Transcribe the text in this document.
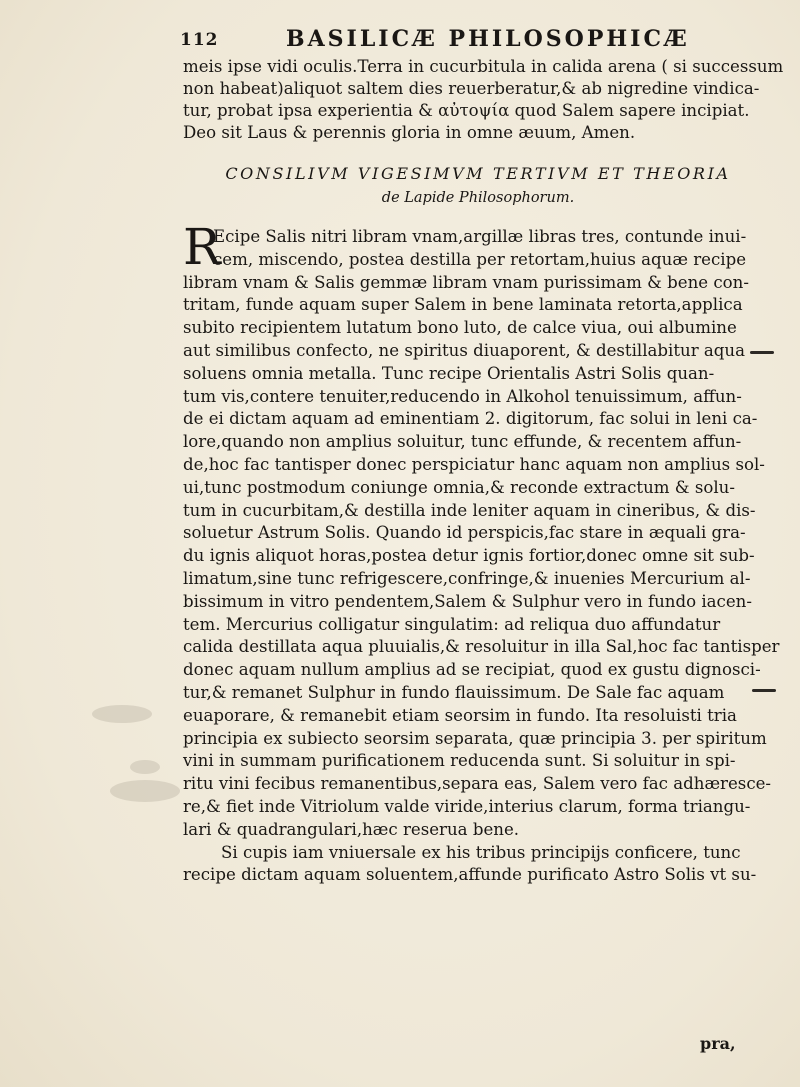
112	BASILICÆ PHILOSOPHICÆ
meis ipse vidi oculis.Terra in cucurbitula in calida arena ( si successum
non habeat)aliquot saltem dies reuerberatur,& ab nigredine vindica-
tur, probat ipsa experientia & αὐτοψία quod Salem sapere incipiat.
Deo sit Laus & perennis gloria in omne æuum, Amen.
CONSILIVM VIGESIMVM TERTIVM ET THEORIA
de Lapide Philosophorum.
R
Ecipe Salis nitri libram vnam,argillæ libras tres, contunde inui-
cem, miscendo, postea destilla per retortam,huius aquæ recipe
libram vnam & Salis gemmæ libram vnam purissimam & bene con-
tritam, funde aquam super Salem in bene laminata retorta,applica
subito recipientem lutatum bono luto, de calce viua, oui albumine
aut similibus confecto, ne spiritus diuaporent, & destillabitur aqua
soluens omnia metalla. Tunc recipe Orientalis Astri Solis quan-
tum vis,contere tenuiter,reducendo in Alkohol tenuissimum, affun-
de ei dictam aquam ad eminentiam 2. digitorum, fac solui in leni ca-
lore,quando non amplius soluitur, tunc effunde, & recentem affun-
de,hoc fac tantisper donec perspiciatur hanc aquam non amplius sol-
ui,tunc postmodum coniunge omnia,& reconde extractum & solu-
tum in cucurbitam,& destilla inde leniter aquam in cineribus, & dis-
soluetur Astrum Solis. Quando id perspicis,fac stare in æquali gra-
du ignis aliquot horas,postea detur ignis fortior,donec omne sit sub-
limatum,sine tunc refrigescere,confringe,& inuenies Mercurium al-
bissimum in vitro pendentem,Salem & Sulphur vero in fundo iacen-
tem. Mercurius colligatur singulatim: ad reliqua duo affundatur
calida destillata aqua pluuialis,& resoluitur in illa Sal,hoc fac tantisper
donec aquam nullum amplius ad se recipiat, quod ex gustu dignosci-
tur,& remanet Sulphur in fundo flauissimum. De Sale fac aquam
euaporare, & remanebit etiam seorsim in fundo. Ita resoluisti tria
principia ex subiecto seorsim separata, quæ principia 3. per spiritum
vini in summam purificationem reducenda sunt. Si soluitur in spi-
ritu vini fecibus remanentibus,separa eas, Salem vero fac adhærescе-
re,& fiet inde Vitriolum valde viride,interius clarum, forma triangu-
lari & quadrangulari,hæc reserua bene.
Si cupis iam vniuersale ex his tribus principijs conficere, tunc
recipe dictam aquam soluentem,affunde purificato Astro Solis vt su-
pra,
